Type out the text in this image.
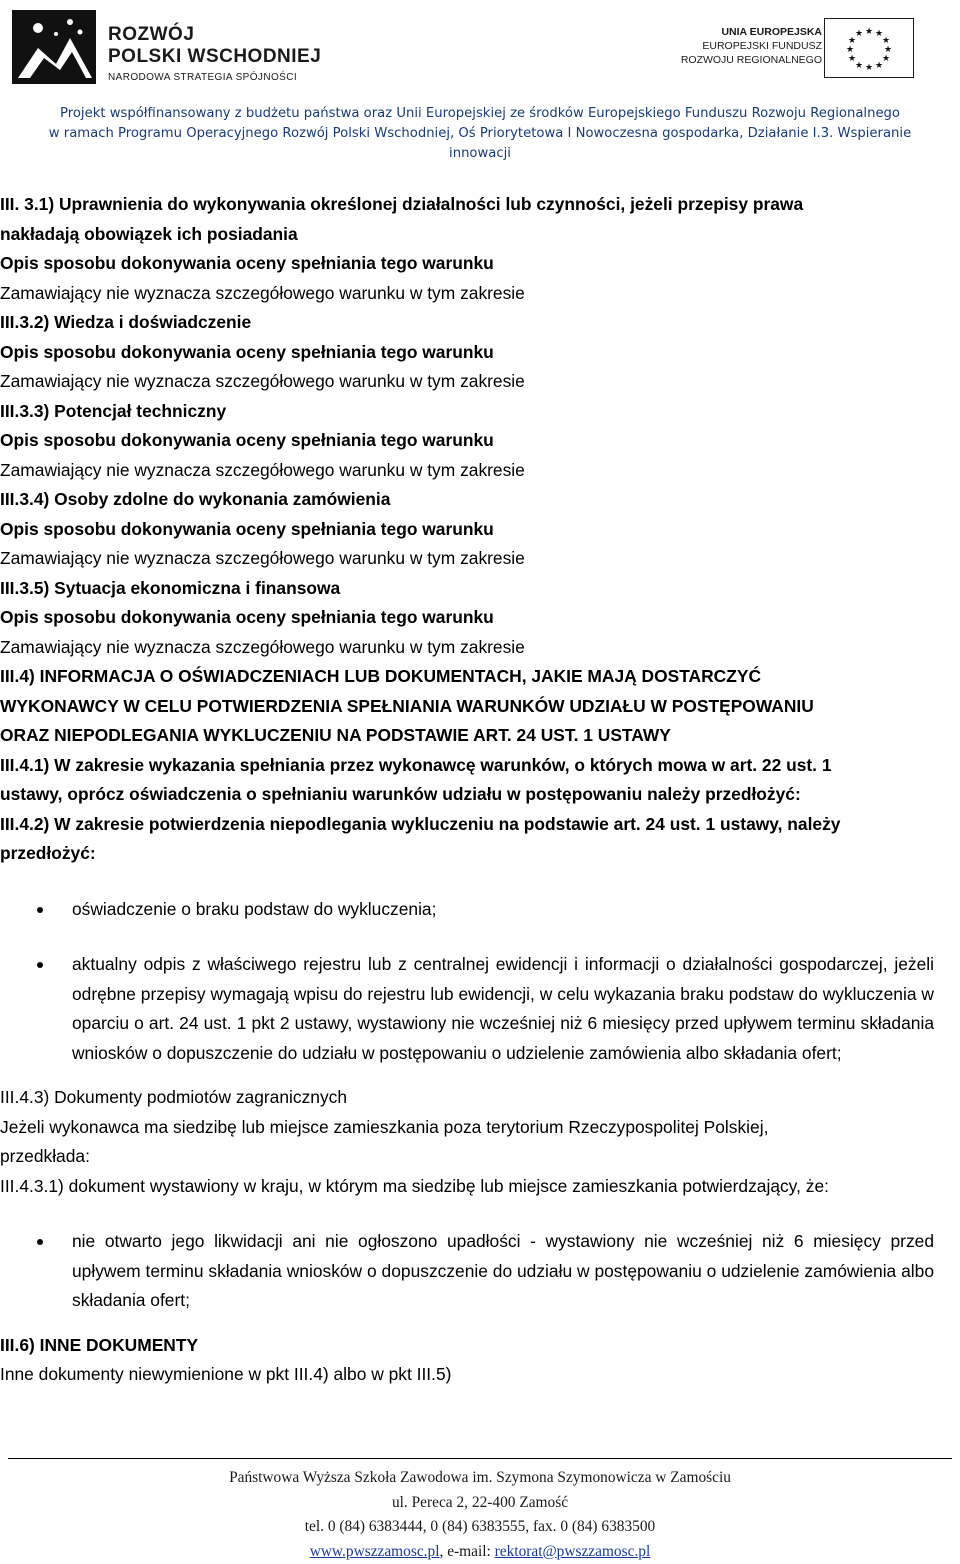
ROZWÓJ
POLSKI WSCHODNIEJ
NARODOWA STRATEGIA SPÓJNOŚCI
UNIA EUROPEJSKA
EUROPEJSKI FUNDUSZ
ROZWOJU REGIONALNEGO
★ ★
★
★
★
★
★
★
★
★
★
★
Projekt współfinansowany z budżetu państwa oraz Unii Europejskiej ze środków Europejskiego Funduszu Rozwoju Regionalnego
w ramach Programu Operacyjnego Rozwój Polski Wschodniej, Oś Priorytetowa I Nowoczesna gospodarka, Działanie I.3. Wspieranie
innowacji
III. 3.1) Uprawnienia do wykonywania określonej działalności lub czynności, jeżeli przepisy prawa
nakładają obowiązek ich posiadania
Opis sposobu dokonywania oceny spełniania tego warunku
Zamawiający nie wyznacza szczegółowego warunku w tym zakresie
III.3.2) Wiedza i doświadczenie
Opis sposobu dokonywania oceny spełniania tego warunku
Zamawiający nie wyznacza szczegółowego warunku w tym zakresie
III.3.3) Potencjał techniczny
Opis sposobu dokonywania oceny spełniania tego warunku
Zamawiający nie wyznacza szczegółowego warunku w tym zakresie
III.3.4) Osoby zdolne do wykonania zamówienia
Opis sposobu dokonywania oceny spełniania tego warunku
Zamawiający nie wyznacza szczegółowego warunku w tym zakresie
III.3.5) Sytuacja ekonomiczna i finansowa
Opis sposobu dokonywania oceny spełniania tego warunku
Zamawiający nie wyznacza szczegółowego warunku w tym zakresie
III.4) INFORMACJA O OŚWIADCZENIACH LUB DOKUMENTACH, JAKIE MAJĄ DOSTARCZYĆ
WYKONAWCY W CELU POTWIERDZENIA SPEŁNIANIA WARUNKÓW UDZIAŁU W POSTĘPOWANIU
ORAZ NIEPODLEGANIA WYKLUCZENIU NA PODSTAWIE ART. 24 UST. 1 USTAWY
III.4.1) W zakresie wykazania spełniania przez wykonawcę warunków, o których mowa w art. 22 ust. 1
ustawy, oprócz oświadczenia o spełnianiu warunków udziału w postępowaniu należy przedłożyć:
III.4.2) W zakresie potwierdzenia niepodlegania wykluczeniu na podstawie art. 24 ust. 1 ustawy, należy
przedłożyć:
oświadczenie o braku podstaw do wykluczenia;
aktualny odpis z właściwego rejestru lub z centralnej ewidencji i informacji o działalności gospodarczej, jeżeli odrębne przepisy wymagają wpisu do rejestru lub ewidencji, w celu wykazania braku podstaw do wykluczenia w oparciu o art. 24 ust. 1 pkt 2 ustawy, wystawiony nie wcześniej niż 6 miesięcy przed upływem terminu składania wniosków o dopuszczenie do udziału w postępowaniu o udzielenie zamówienia albo składania ofert;
III.4.3) Dokumenty podmiotów zagranicznych
Jeżeli wykonawca ma siedzibę lub miejsce zamieszkania poza terytorium Rzeczypospolitej Polskiej,
przedkłada:
III.4.3.1) dokument wystawiony w kraju, w którym ma siedzibę lub miejsce zamieszkania potwierdzający, że:
nie otwarto jego likwidacji ani nie ogłoszono upadłości - wystawiony nie wcześniej niż 6 miesięcy przed upływem terminu składania wniosków o dopuszczenie do udziału w postępowaniu o udzielenie zamówienia albo składania ofert;
III.6) INNE DOKUMENTY
Inne dokumenty niewymienione w pkt III.4) albo w pkt III.5)
Państwowa Wyższa Szkoła Zawodowa im. Szymona Szymonowicza w Zamościu
ul. Pereca 2, 22-400 Zamość
tel. 0 (84) 6383444, 0 (84) 6383555, fax. 0 (84) 6383500
www.pwszzamosc.pl, e-mail: rektorat@pwszzamosc.pl
